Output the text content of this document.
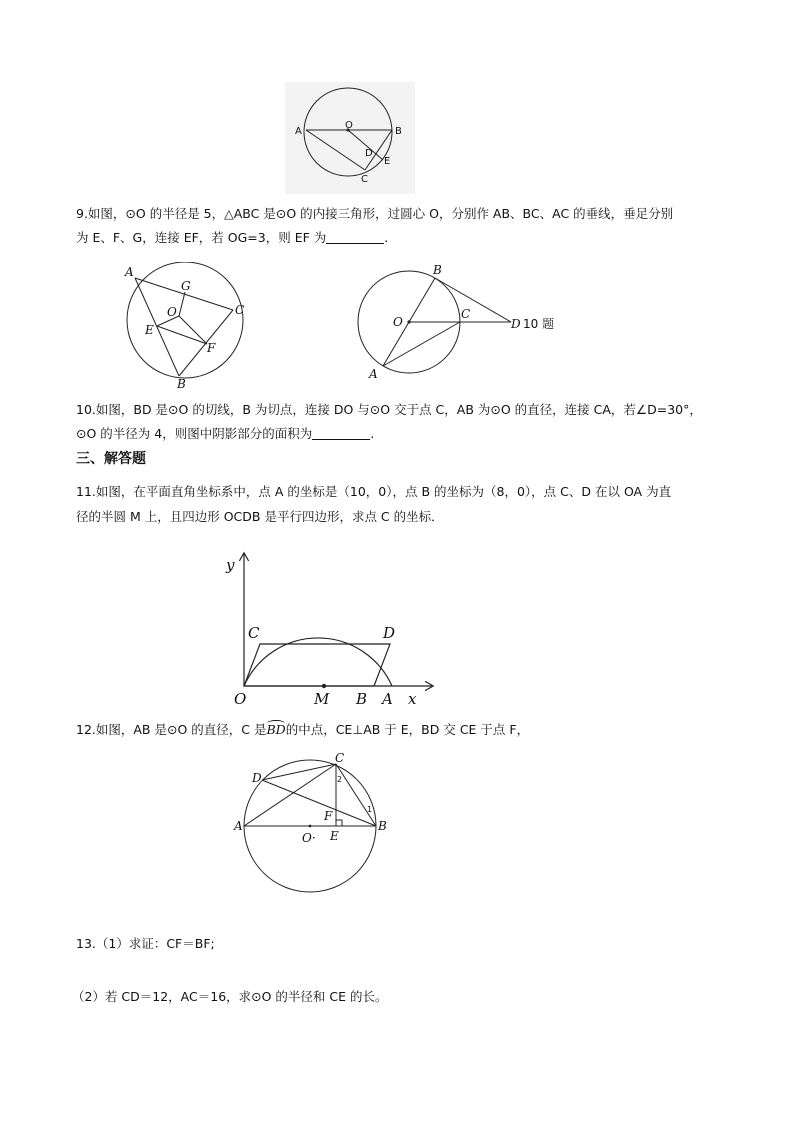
A
O
B
D
E
C
9.如图，⊙O 的半径是 5，△ABC 是⊙O 的内接三角形，过圆心 O，分别作 AB、BC、AC 的垂线，垂足分别
为 E、F、G，连接 EF，若 OG=3，则 EF 为	.
A
G
O	C
E
F
B
B
O
C
D
A
10 题
10.如图，BD 是⊙O 的切线，B 为切点，连接 DO 与⊙O 交于点 C，AB 为⊙O 的直径，连接 CA，若∠D=30°，
⊙O 的半径为 4，则图中阴影部分的面积为	.
三、解答题
11.如图，在平面直角坐标系中，点 A 的坐标是（10，0），点 B 的坐标为（8，0），点 C、D 在以 OA 为直
径的半圆 M 上，且四边形 OCDB 是平行四边形，求点 C 的坐标．
y
C	D
O	M B A x
12.如图，AB 是⊙O 的直径，C 是BD的中点，CE⊥AB 于 E，BD 交 CE 于点 F，
C
D	2
1
F
A
O· E
B
13.（1）求证：CF＝BF;
（2）若 CD＝12，AC＝16，求⊙O 的半径和 CE 的长。
